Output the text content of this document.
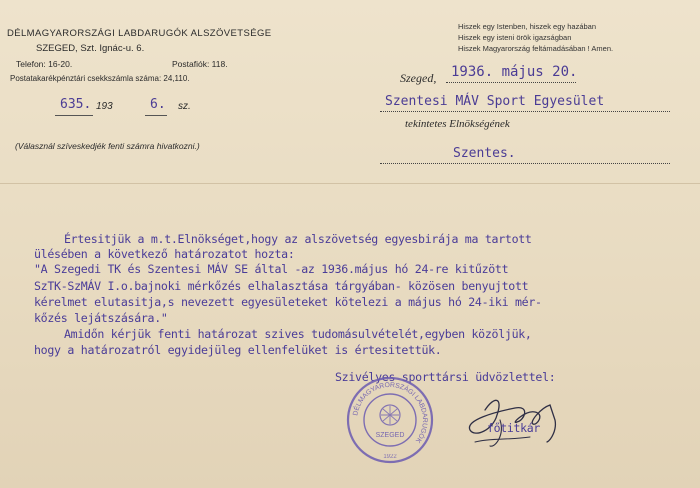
DÉLMAGYARORSZÁGI LABDARUGÓK ALSZÖVETSÉGE
SZEGED, Szt. Ignác-u. 6.
Telefon: 16-20.	Postafiók: 118.
Postatakarékpénztári csekkszámla száma: 24,110.
635. 193	6. sz.
(Válasznál szíveskedjék fenti számra hivatkozni.)
Hiszek egy Istenben, hiszek egy hazában
Hiszek egy isteni örök igazságban
Hiszek Magyarország feltámadásában ! Amen.
Szeged, 1936. május 20.
Szentesi MÁV Sport Egyesület
tekintetes Elnökségének
Szentes.
Értesitjük a m.t.Elnökséget,hogy az alszövetség egyesbirája ma tartott
ülésében a következő határozatot hozta:
"A Szegedi TK és Szentesi MÁV SE által -az 1936.május hó 24-re kitűzött
SzTK-SzMÁV I.o.bajnoki mérkőzés elhalasztása tárgyában- közösen benyujtott
kérelmet elutasitja,s nevezett egyesületeket kötelezi a május hó 24-iki mér-
kőzés lejátszására."
Amidőn kérjük fenti határozat szives tudomásulvételét,egyben közöljük,
hogy a határozatról egyidejüleg ellenfelüket is értesitettük.
Szivélyes sporttársi üdvözlettel:
DÉLMAGYARORSZÁGI LABDARUGÓK
SZEGED
1922
főtitkár
